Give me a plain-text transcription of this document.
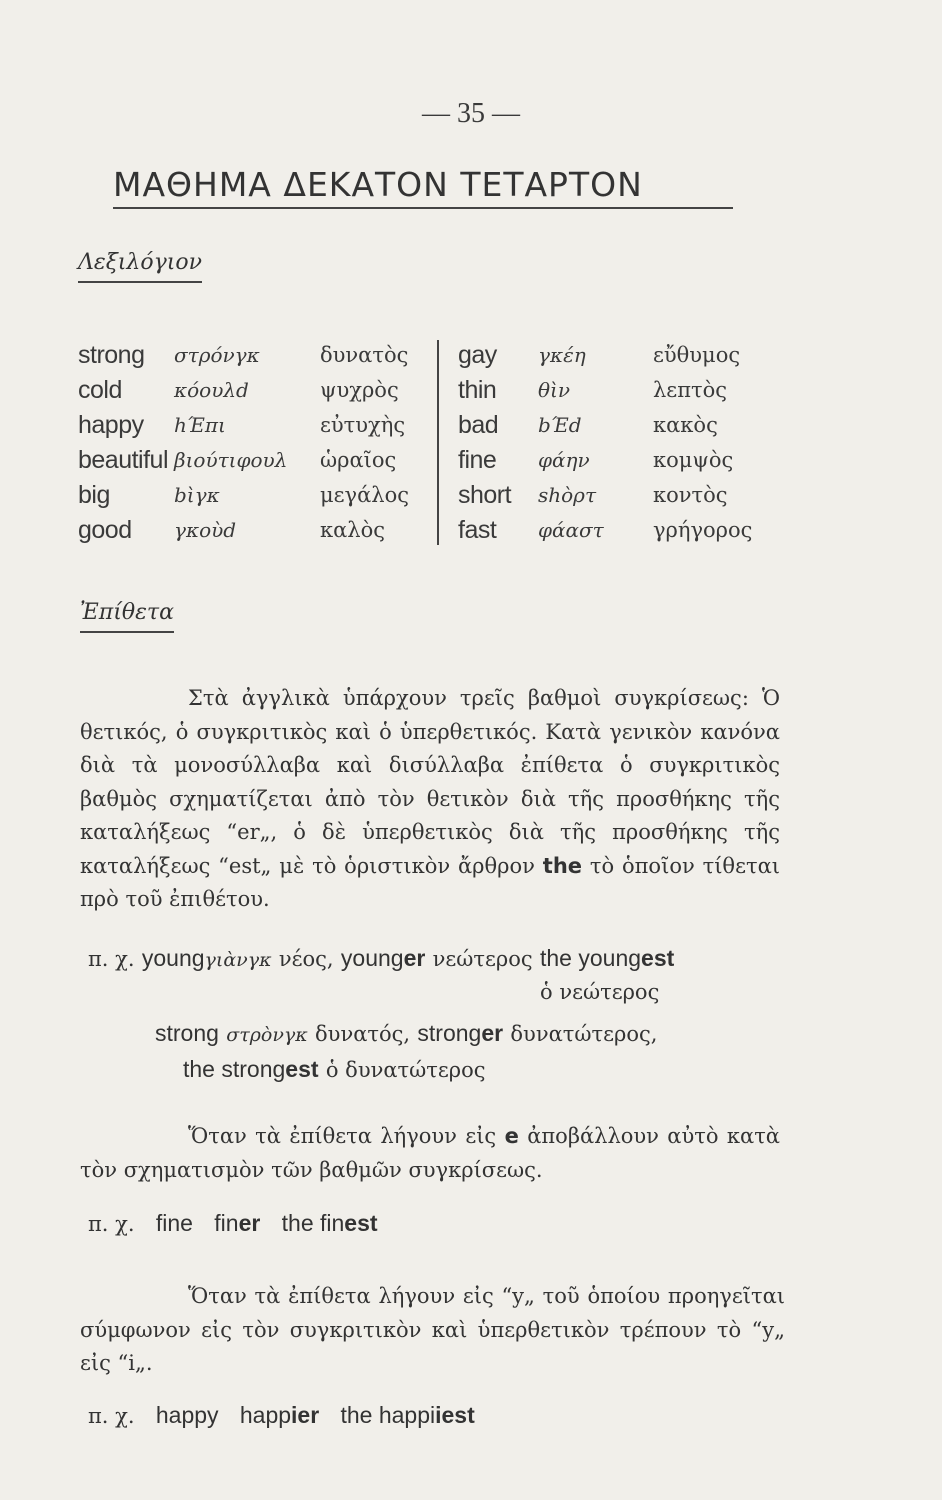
— 35 —
ΜΑΘΗΜΑ ΔΕΚΑΤΟΝ ΤΕΤΑΡΤΟΝ
Λεξιλόγιον
strong στρόνγκ	δυνατὸς gay γκέη	εὔθυμος
cold	κόουλd	ψυχρὸς thin θὶν	λεπτὸς
happy hΈπι	εὐτυχὴς bad bΈd	κακὸς
beautiful βιούτιφουλ ὡραῖος fine φάην	κομψὸς
big	bὶγκ	μεγάλος short shὸρτ	κοντὸς
good γκοὺd	καλὸς	fast φάαστ γρήγορος
Ἐπίθετα
Στὰ ἀγγλικὰ ὑπάρχουν τρεῖς βαθμοὶ συγκρίσεως: Ὁ θετικός, ὁ συγκριτικὸς καὶ ὁ ὑπερθετικός. Κατὰ γενικὸν κανόνα διὰ τὰ μονοσύλλαβα καὶ δισύλλαβα ἐπίθετα ὁ συγκριτικὸς βαθμὸς σχηματίζεται ἀπὸ τὸν θετικὸν διὰ τῆς προσθήκης τῆς καταλήξεως “er„, ὁ δὲ ὑπερθετικὸς διὰ τῆς προσθήκης τῆς καταλήξεως “est„ μὲ τὸ ὁριστικὸν ἄρθρον the τὸ ὁποῖον τίθεται πρὸ τοῦ ἐπιθέτου.
π. χ. youngγιὰνγκ νέος, younger νεώτερος the youngest
ὁ νεώτερος
strong στρὸνγκ δυνατός, stronger δυνατώτερος,
the strongest ὁ δυνατώτερος
Ὅταν τὰ ἐπίθετα λήγουν εἰς e ἀποβάλλουν αὐτὸ κατὰ τὸν σχηματισμὸν τῶν βαθμῶν συγκρίσεως.
π. χ. fine finer the finest
Ὅταν τὰ ἐπίθετα λήγουν εἰς “y„ τοῦ ὁποίου προηγεῖται σύμφωνον εἰς τὸν συγκριτικὸν καὶ ὑπερθετικὸν τρέπουν τὸ “y„ εἰς “i„.
π. χ. happy happier the happiiest
